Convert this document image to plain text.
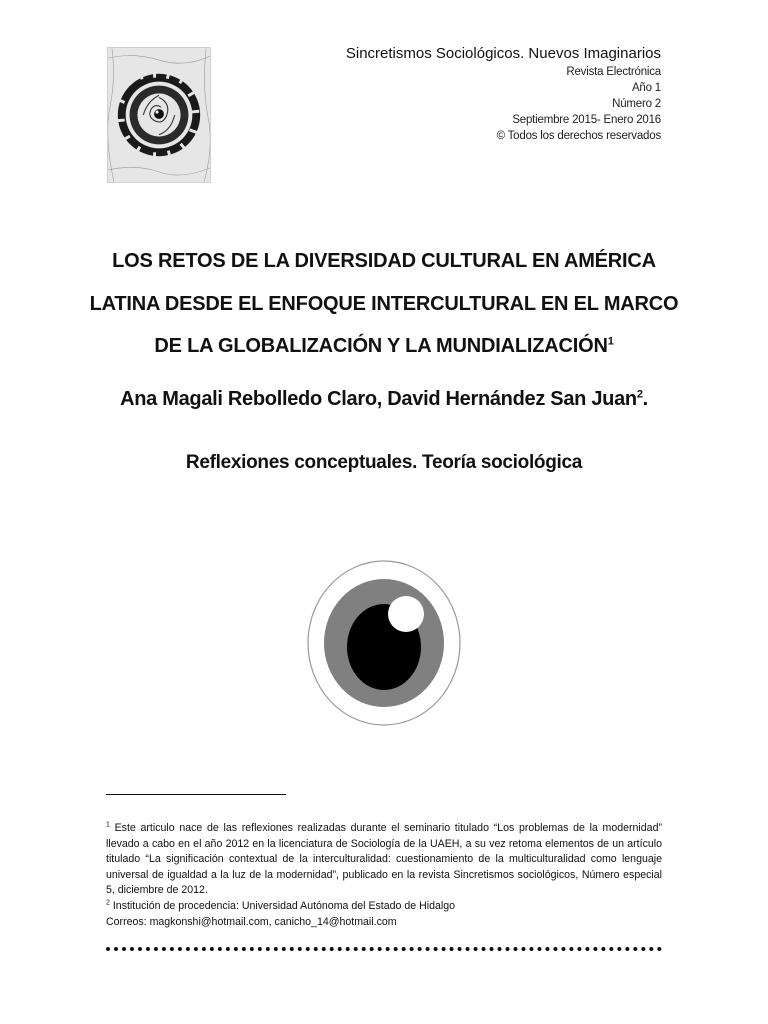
Sincretismos Sociológicos. Nuevos Imaginarios
Revista Electrónica
Año 1
Número 2
Septiembre 2015- Enero 2016
© Todos los derechos reservados
LOS RETOS DE LA DIVERSIDAD CULTURAL EN AMÉRICA
LATINA DESDE EL ENFOQUE INTERCULTURAL EN EL MARCO
DE LA GLOBALIZACIÓN Y LA MUNDIALIZACIÓN$^1$
Ana Magali Rebolledo Claro, David Hernández San Juan$^2$.
Reflexiones conceptuales. Teoría sociológica

$^1$ Este articulo nace de las reflexiones realizadas durante el seminario titulado “Los problemas de la modernidad” llevado a cabo en el año 2012 en la licenciatura de Sociología de la UAEH, a su vez retoma elementos de un artículo titulado “La significación contextual de la interculturalidad: cuestionamiento de la multiculturalidad como lenguaje universal de igualdad a la luz de la modernidad”, publicado en la revista Sincretismos sociológicos, Número especial 5, diciembre de 2012.

$^2$ Institución de procedencia: Universidad Autónoma del Estado de Hidalgo

Correos: magkonshi@hotmail.com, canicho_14@hotmail.com
